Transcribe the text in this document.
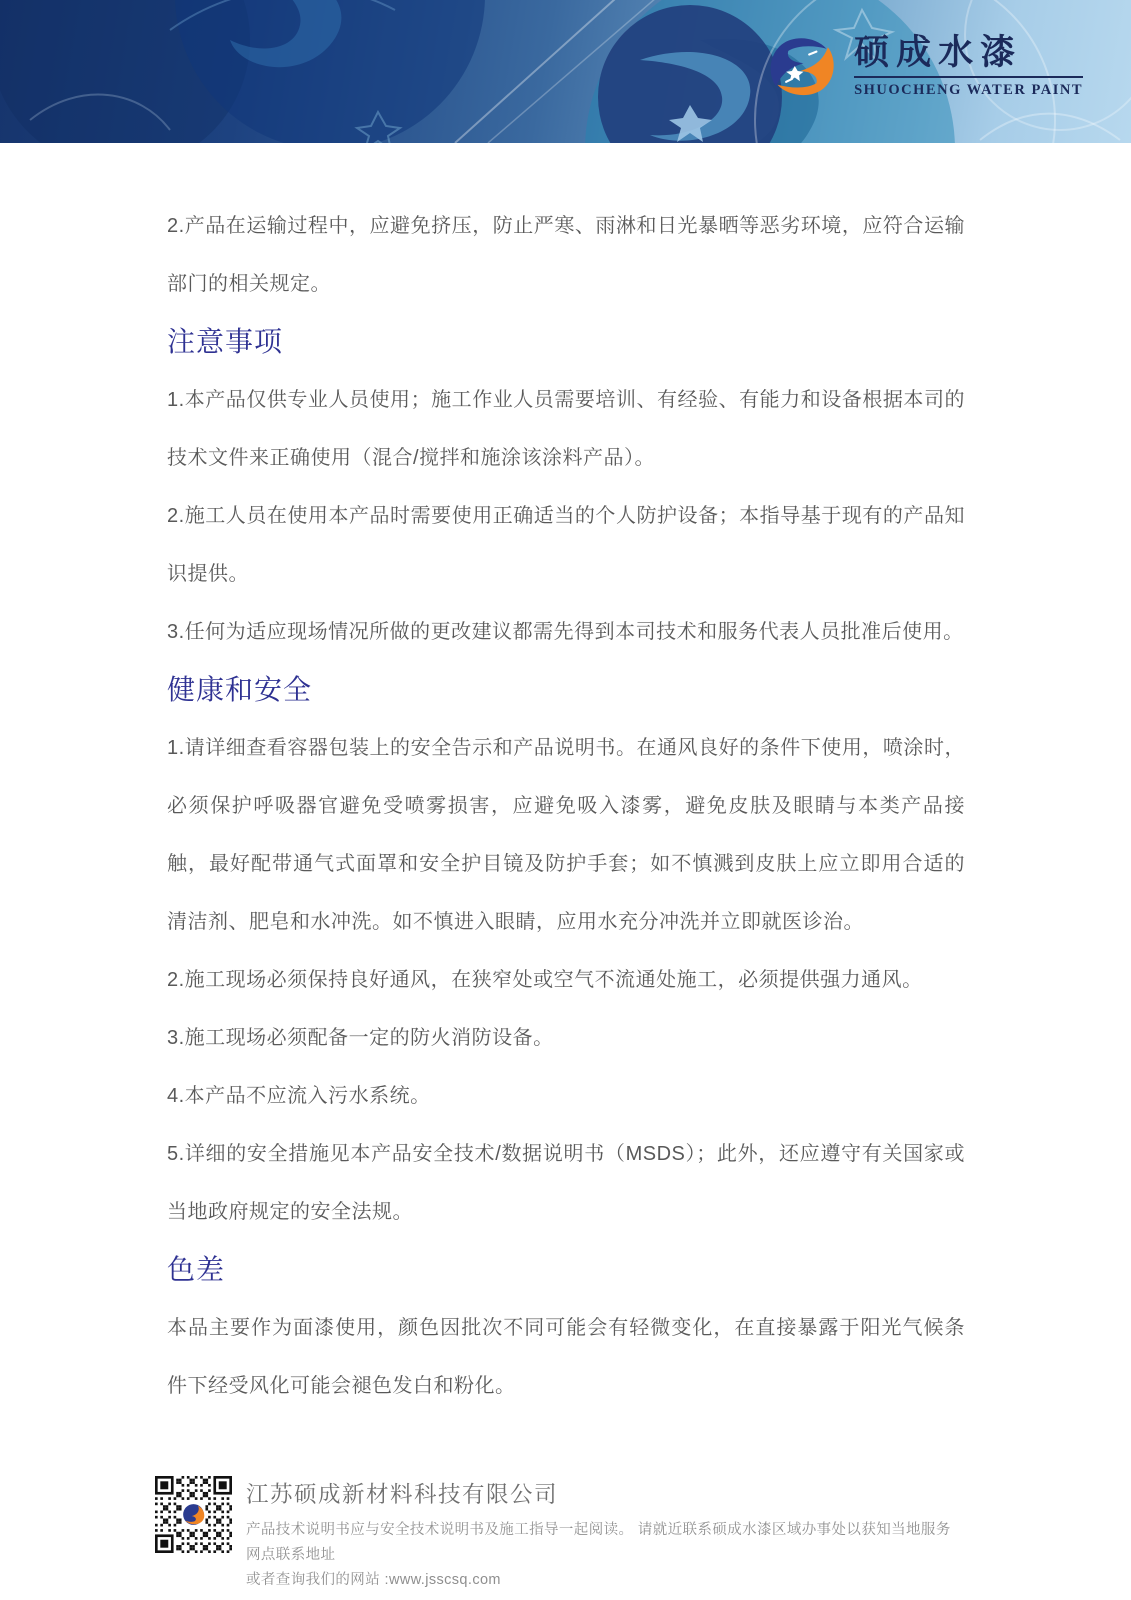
硕成水漆
SHUOCHENG WATER PAINT

2.产品在运输过程中，应避免挤压，防止严寒、雨淋和日光暴晒等恶劣环境，应符合运输部门的相关规定。

注意事项

1.本产品仅供专业人员使用；施工作业人员需要培训、有经验、有能力和设备根据本司的技术文件来正确使用（混合/搅拌和施涂该涂料产品）。

2.施工人员在使用本产品时需要使用正确适当的个人防护设备；本指导基于现有的产品知识提供。

3.任何为适应现场情况所做的更改建议都需先得到本司技术和服务代表人员批准后使用。

健康和安全

1.请详细查看容器包装上的安全告示和产品说明书。在通风良好的条件下使用，喷涂时，必须保护呼吸器官避免受喷雾损害，应避免吸入漆雾，避免皮肤及眼睛与本类产品接触，最好配带通气式面罩和安全护目镜及防护手套；如不慎溅到皮肤上应立即用合适的清洁剂、肥皂和水冲洗。如不慎进入眼睛，应用水充分冲洗并立即就医诊治。

2.施工现场必须保持良好通风，在狭窄处或空气不流通处施工，必须提供强力通风。

3.施工现场必须配备一定的防火消防设备。

4.本产品不应流入污水系统。

5.详细的安全措施见本产品安全技术/数据说明书（MSDS）；此外，还应遵守有关国家或当地政府规定的安全法规。

色差

本品主要作为面漆使用，颜色因批次不同可能会有轻微变化，在直接暴露于阳光气候条件下经受风化可能会褪色发白和粉化。

江苏硕成新材料科技有限公司
产品技术说明书应与安全技术说明书及施工指导一起阅读。 请就近联系硕成水漆区域办事处以获知当地服务网点联系地址
或者查询我们的网站 :www.jsscsq.com
